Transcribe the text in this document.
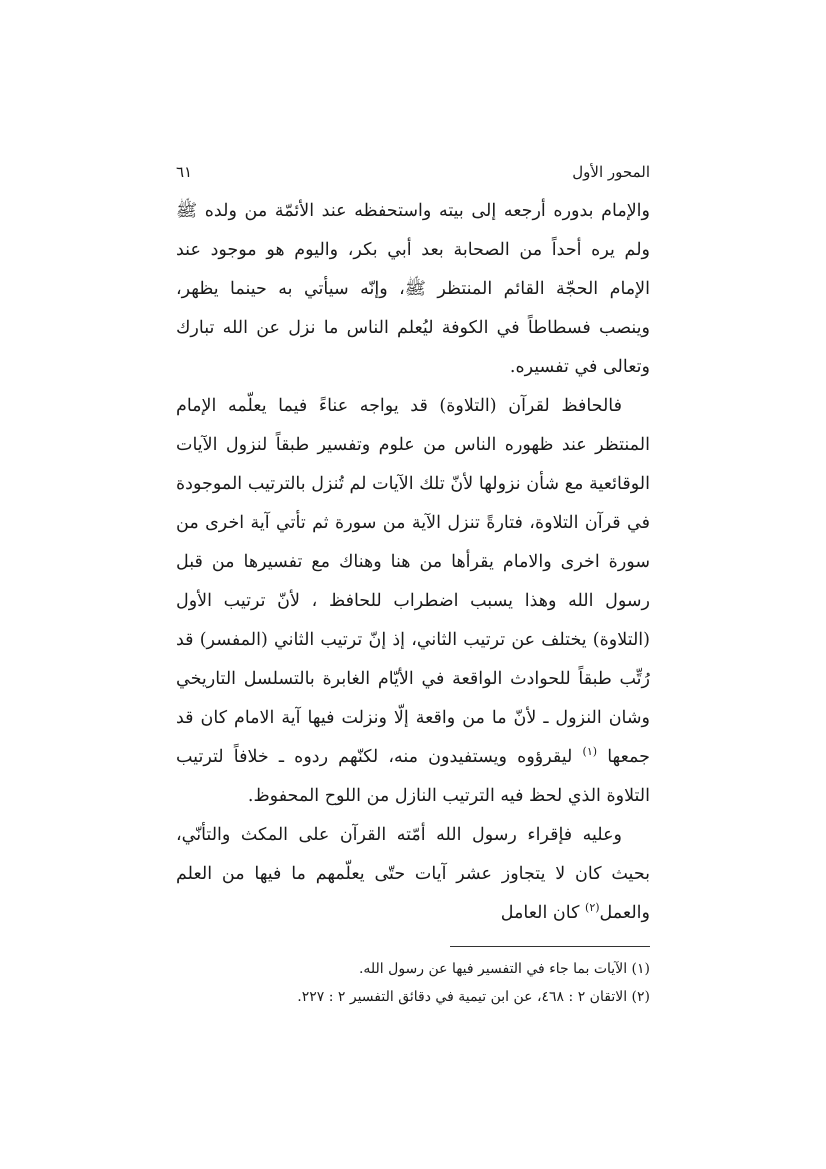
المحور الأول
٦١

والإمام بدوره أرجعه إلى بيته واستحفظه عند الأئمّة من ولده ﷺ ولم يره أحداً من الصحابة بعد أبي بكر، واليوم هو موجود عند الإمام الحجّة القائم المنتظر ﷺ، وإنّه سيأتي به حينما يظهر، وينصب فسطاطاً في الكوفة ليُعلم الناس ما نزل عن الله تبارك وتعالى في تفسيره.

فالحافظ لقرآن (التلاوة) قد يواجه عناءً فيما يعلّمه الإمام المنتظر عند ظهوره الناس من علوم وتفسير طبقاً لنزول الآيات الوقائعية مع شأن نزولها لأنّ تلك الآيات لم تُنزل بالترتيب الموجودة في قرآن التلاوة، فتارةً تنزل الآية من سورة ثم تأتي آية اخرى من سورة اخرى والامام يقرأها من هنا وهناك مع تفسيرها من قبل رسول الله وهذا يسبب اضطراب للحافظ ، لأنّ ترتيب الأول (التلاوة) يختلف عن ترتيب الثاني، إذ إنّ ترتيب الثاني (المفسر) قد رُتِّب طبقاً للحوادث الواقعة في الأيّام الغابرة بالتسلسل التاريخي وشان النزول ـ لأنّ ما من واقعة إلّا ونزلت فيها آية الامام كان قد جمعها $^{(١)}$ ليقرؤوه ويستفيدون منه، لكنّهم ردوه ـ خلافاً لترتيب التلاوة الذي لحظ فيه الترتيب النازل من اللوح المحفوظ.

وعليه فإقراء رسول الله أمّته القرآن على المكث والتأنّي، بحيث كان لا يتجاوز عشر آيات حتّى يعلّمهم ما فيها من العلم والعمل$^{(٢)}$ كان العامل

(١) الآيات بما جاء في التفسير فيها عن رسول الله.

(٢) الاتقان ٢ : ٤٦٨، عن ابن تيمية في دقائق التفسير ٢ : ٢٢٧.
